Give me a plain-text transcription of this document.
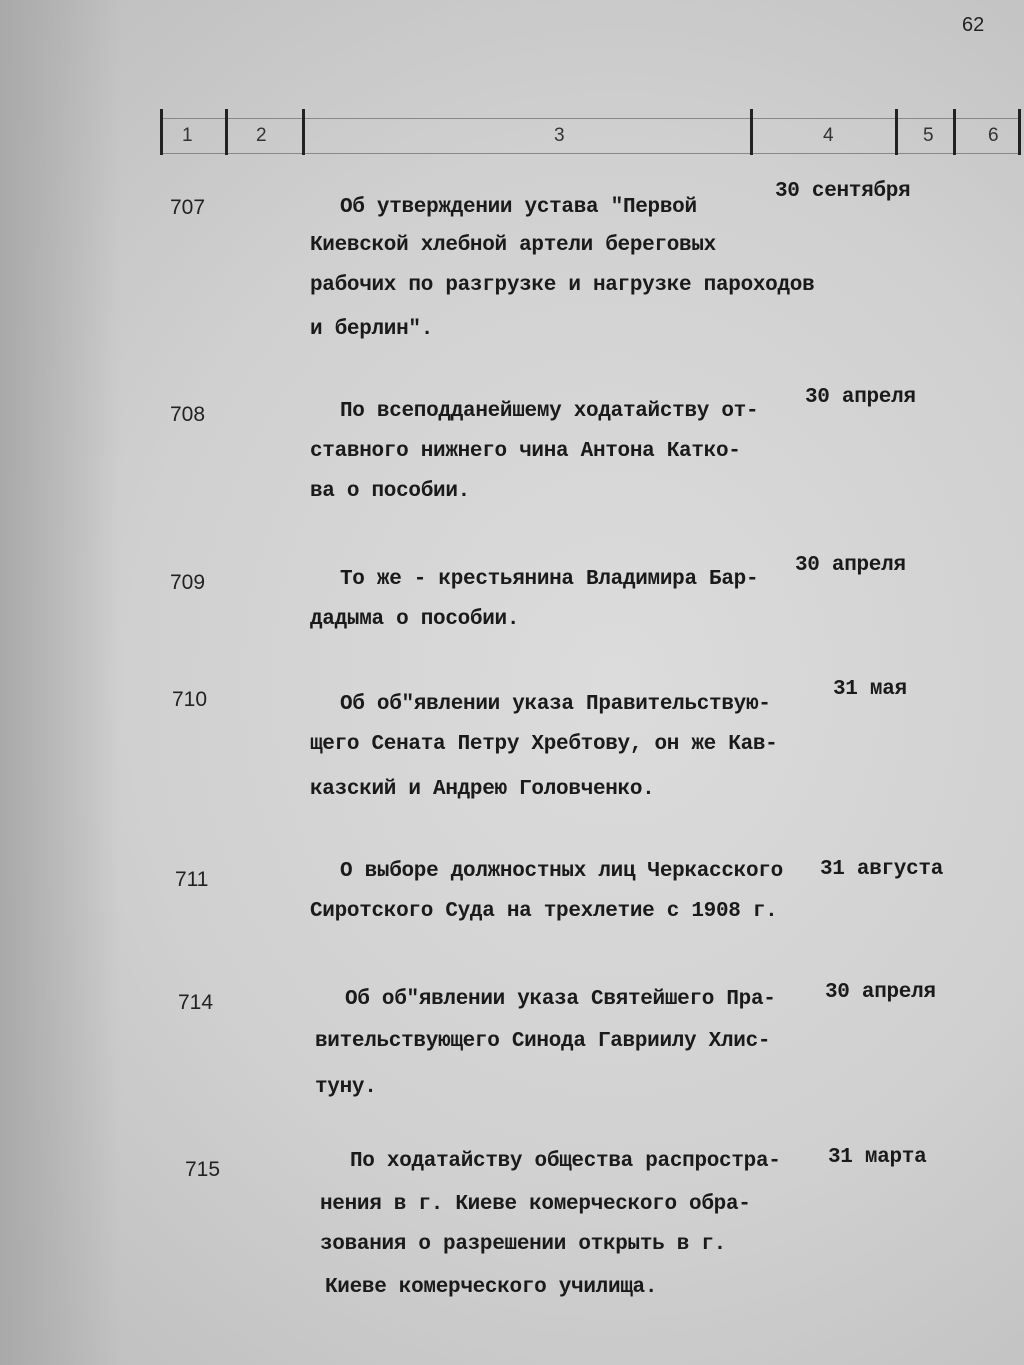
62
1	2	3	4	5	6
707	Об утверждении устава "Первой
Киевской хлебной артели береговых
рабочих по разгрузке и нагрузке пароходов
и берлин".
30 сентября
708	По всеподданейшему ходатайству от-
ставного нижнего чина Антона Катко-
ва о пособии.
30 апреля
709	То же - крестьянина Владимира Бар-
дадыма о пособии.
30 апреля
710	Об об"явлении указа Правительствую-
щего Сената Петру Хребтову, он же Кав-
казский и Андрею Головченко.
31 мая
711	О выборе должностных лиц Черкасского
Сиротского Суда на трехлетие с 1908 г.
31 августа
714	Об об"явлении указа Святейшего Пра-
вительствующего Синода Гавриилу Хлис-
туну.
30 апреля
715	По ходатайству общества распростра-
нения в г. Киеве комерческого обра-
зования о разрешении открыть в г.
Киеве комерческого училища.
31 марта
